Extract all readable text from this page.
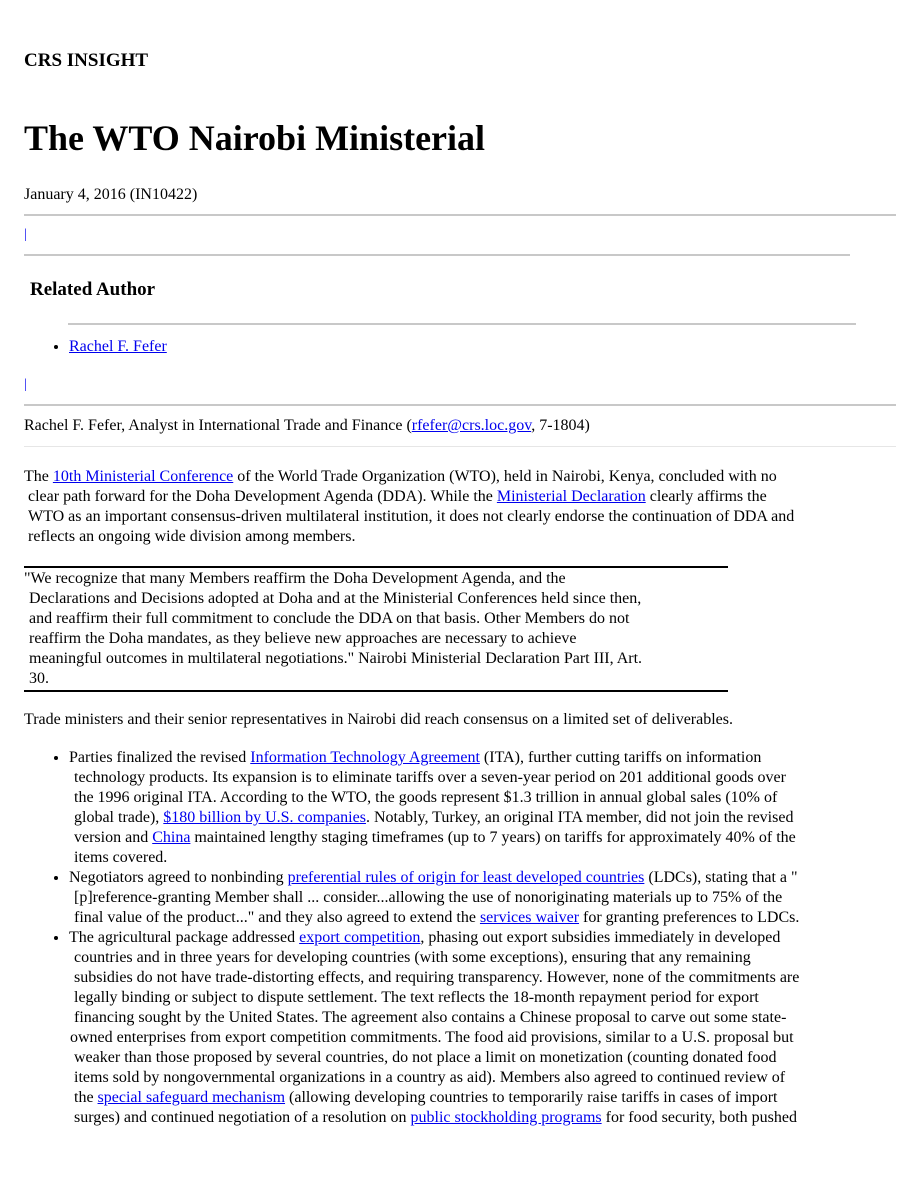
CRS INSIGHT
The WTO Nairobi Ministerial
January 4, 2016 (IN10422)
|
Related Author
• Rachel F. Fefer
|
Rachel F. Fefer, Analyst in International Trade and Finance (rfefer@crs.loc.gov, 7-1804)
The 10th Ministerial Conference of the World Trade Organization (WTO), held in Nairobi, Kenya, concluded with no
clear path forward for the Doha Development Agenda (DDA). While the Ministerial Declaration clearly affirms the
WTO as an important consensus-driven multilateral institution, it does not clearly endorse the continuation of DDA and
reflects an ongoing wide division among members.
"We recognize that many Members reaffirm the Doha Development Agenda, and the
Declarations and Decisions adopted at Doha and at the Ministerial Conferences held since then,
and reaffirm their full commitment to conclude the DDA on that basis. Other Members do not
reaffirm the Doha mandates, as they believe new approaches are necessary to achieve
meaningful outcomes in multilateral negotiations." Nairobi Ministerial Declaration Part III, Art.
30.
Trade ministers and their senior representatives in Nairobi did reach consensus on a limited set of deliverables.
• Parties finalized the revised Information Technology Agreement (ITA), further cutting tariffs on information
technology products. Its expansion is to eliminate tariffs over a seven-year period on 201 additional goods over
the 1996 original ITA. According to the WTO, the goods represent $1.3 trillion in annual global sales (10% of
global trade), $180 billion by U.S. companies. Notably, Turkey, an original ITA member, did not join the revised
version and China maintained lengthy staging timeframes (up to 7 years) on tariffs for approximately 40% of the
items covered.
• Negotiators agreed to nonbinding preferential rules of origin for least developed countries (LDCs), stating that a "
[p]reference-granting Member shall ... consider...allowing the use of nonoriginating materials up to 75% of the
final value of the product..." and they also agreed to extend the services waiver for granting preferences to LDCs.
• The agricultural package addressed export competition, phasing out export subsidies immediately in developed
countries and in three years for developing countries (with some exceptions), ensuring that any remaining
subsidies do not have trade-distorting effects, and requiring transparency. However, none of the commitments are
legally binding or subject to dispute settlement. The text reflects the 18-month repayment period for export
financing sought by the United States. The agreement also contains a Chinese proposal to carve out some state-
owned enterprises from export competition commitments. The food aid provisions, similar to a U.S. proposal but
weaker than those proposed by several countries, do not place a limit on monetization (counting donated food
items sold by nongovernmental organizations in a country as aid). Members also agreed to continued review of
the special safeguard mechanism (allowing developing countries to temporarily raise tariffs in cases of import
surges) and continued negotiation of a resolution on public stockholding programs for food security, both pushed
